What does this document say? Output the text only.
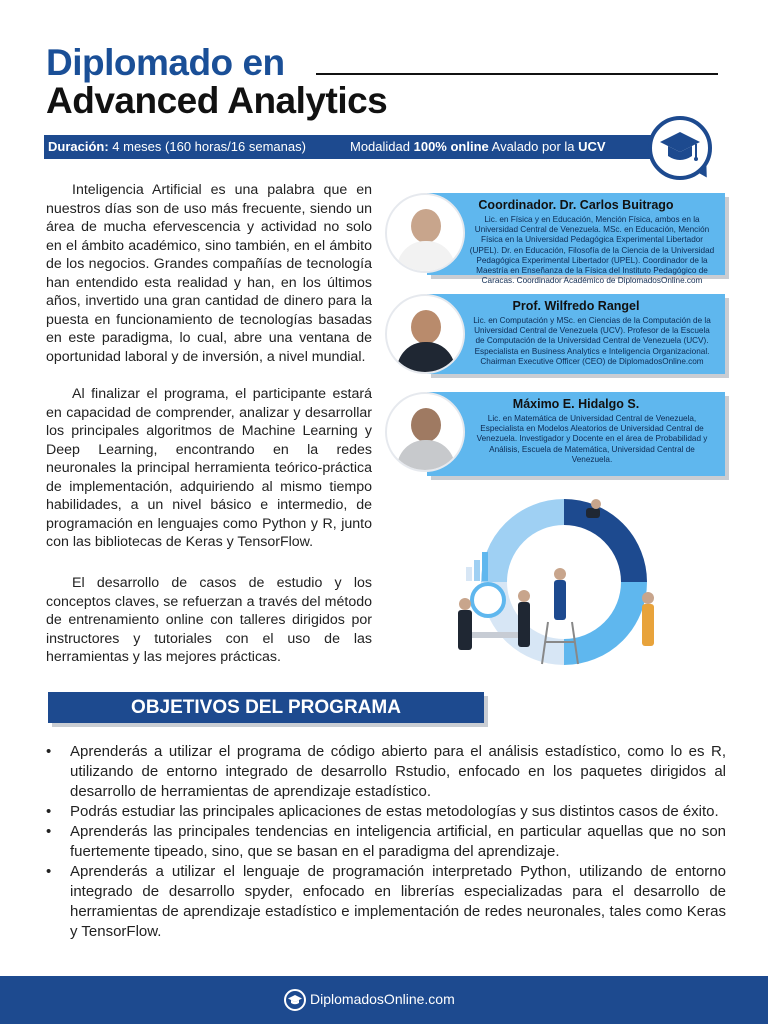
Diplomado en
Advanced Analytics
Duración: 4 meses (160 horas/16 semanas)	Modalidad 100% online Avalado por la UCV

Inteligencia Artificial es una palabra que en nuestros días son de uso más frecuente, siendo un área de mucha efervescencia y actividad no solo en el ámbito académico, sino también, en el ámbito de los negocios. Grandes compañías de tecnología han entendido esta realidad y han, en los últimos años, invertido una gran cantidad de dinero para la puesta en funcionamiento de tecnologías basadas en este paradigma, lo cual, abre una ventana de oportunidad laboral y de inversión, a nivel mundial.

Al finalizar el programa, el participante estará en capacidad de comprender, analizar y desarrollar los principales algoritmos de Machine Learning y Deep Learning, encontrando en la redes neuronales la principal herramienta teórico-práctica de implementación, adquiriendo al mismo tiempo habilidades, a un nivel básico e intermedio, de programación en lenguajes como Python y R, junto con las bibliotecas de Keras y TensorFlow.

El desarrollo de casos de estudio y los conceptos claves, se refuerzan a través del método de entrenamiento online con talleres dirigidos por instructores y tutoriales con el uso de las herramientas y las mejores prácticas.

Coordinador. Dr. Carlos Buitrago
Lic. en Física y en Educación, Mención Física, ambos en la Universidad Central de Venezuela. MSc. en Educación, Mención Física en la Universidad Pedagógica Experimental Libertador (UPEL). Dr. en Educación, Filosofía de la Ciencia de la Universidad Pedagógica Experimental Libertador (UPEL). Coordinador de la Maestría en Enseñanza de la Física del Instituto Pedagógico de Caracas. Coordinador Académico de DiplomadosOnline.com
Prof. Wilfredo Rangel
Lic. en Computación y MSc. en Ciencias de la Computación de la Universidad Central de Venezuela (UCV). Profesor de la Escuela de Computación de la Universidad Central de Venezuela (UCV). Especialista en Business Analytics e Inteligencia Organizacional. Chairman Executive Officer (CEO) de DiplomadosOnline.com
Máximo E. Hidalgo S.
Lic. en Matemática de Universidad Central de Venezuela, Especialista en Modelos Aleatorios de Universidad Central de Venezuela. Investigador y Docente en el área de Probabilidad y Análisis, Escuela de Matemática, Universidad Central de Venezuela.
OBJETIVOS DEL PROGRAMA
• Aprenderás a utilizar el programa de código abierto para el análisis estadístico, como lo es R, utilizando de entorno integrado de desarrollo Rstudio, enfocado en los paquetes dirigidos al desarrollo de herramientas de aprendizaje estadístico.
• Podrás estudiar las principales aplicaciones de estas metodologías y sus distintos casos de éxito.
• Aprenderás las principales tendencias en inteligencia artificial, en particular aquellas que no son fuertemente tipeado, sino, que se basan en el paradigma del aprendizaje.
• Aprenderás a utilizar el lenguaje de programación interpretado Python, utilizando de entorno integrado de desarrollo spyder, enfocado en librerías especializadas para el desarrollo de herramientas de aprendizaje estadístico e implementación de redes neuronales, tales como Keras y TensorFlow.
DiplomadosOnline.com
